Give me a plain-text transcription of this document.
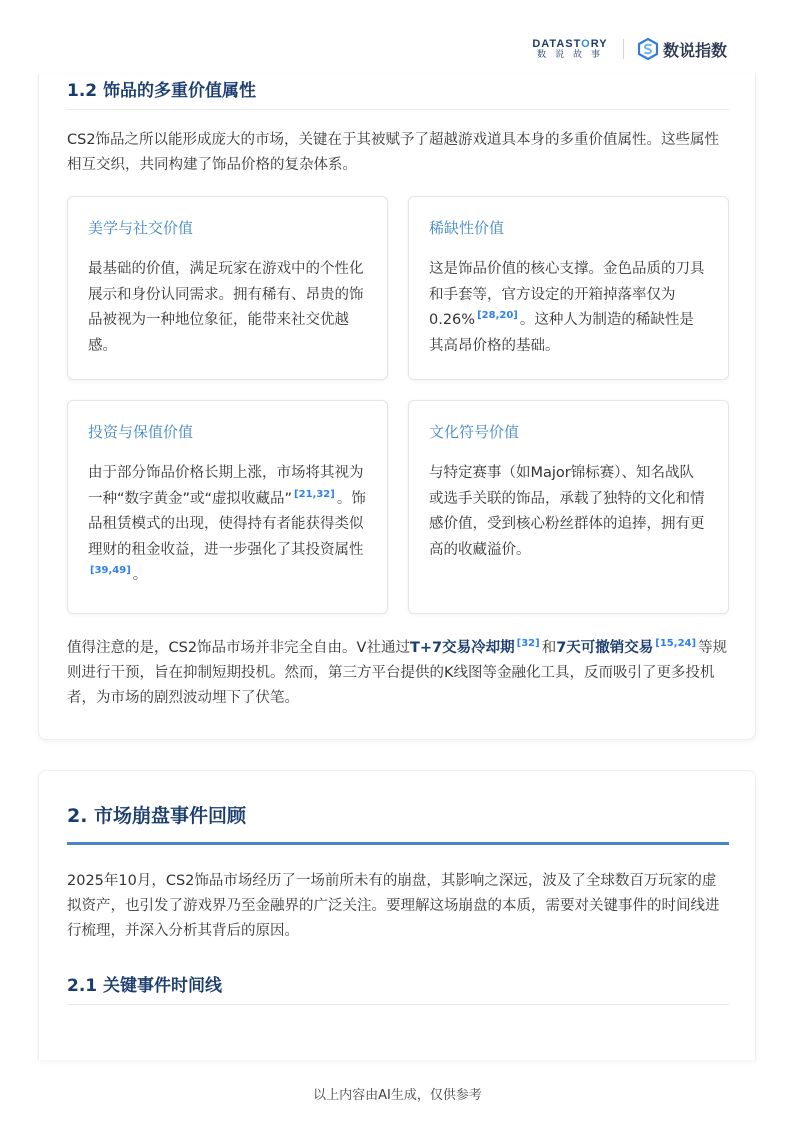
DATASTORY
数说故事	数说指数
1.2 饰品的多重价值属性
CS2饰品之所以能形成庞大的市场，关键在于其被赋予了超越游戏道具本身的多重价值属性。这些属性相互交织，共同构建了饰品价格的复杂体系。
美学与社交价值
最基础的价值，满足玩家在游戏中的个性化展示和身份认同需求。拥有稀有、昂贵的饰品被视为一种地位象征，能带来社交优越感。
稀缺性价值
这是饰品价值的核心支撑。金色品质的刀具和手套等，官方设定的开箱掉落率仅为0.26% [28,20] 。这种人为制造的稀缺性是其高昂价格的基础。
投资与保值价值
由于部分饰品价格长期上涨，市场将其视为一种“数字黄金”或“虚拟收藏品” [21,32] 。饰品租赁模式的出现，使得持有者能获得类似理财的租金收益，进一步强化了其投资属性[39,49] 。
文化符号价值
与特定赛事（如Major锦标赛）、知名战队或选手关联的饰品，承载了独特的文化和情感价值，受到核心粉丝群体的追捧，拥有更高的收藏溢价。
值得注意的是，CS2饰品市场并非完全自由。V社通过T+7交易冷却期 [32] 和7天可撤销交易 [15,24] 等规则进行干预，旨在抑制短期投机。然而，第三方平台提供的K线图等金融化工具，反而吸引了更多投机者，为市场的剧烈波动埋下了伏笔。
2. 市场崩盘事件回顾
2025年10月，CS2饰品市场经历了一场前所未有的崩盘，其影响之深远，波及了全球数百万玩家的虚拟资产，也引发了游戏界乃至金融界的广泛关注。要理解这场崩盘的本质，需要对关键事件的时间线进行梳理，并深入分析其背后的原因。
2.1 关键事件时间线
以上内容由AI生成，仅供参考
